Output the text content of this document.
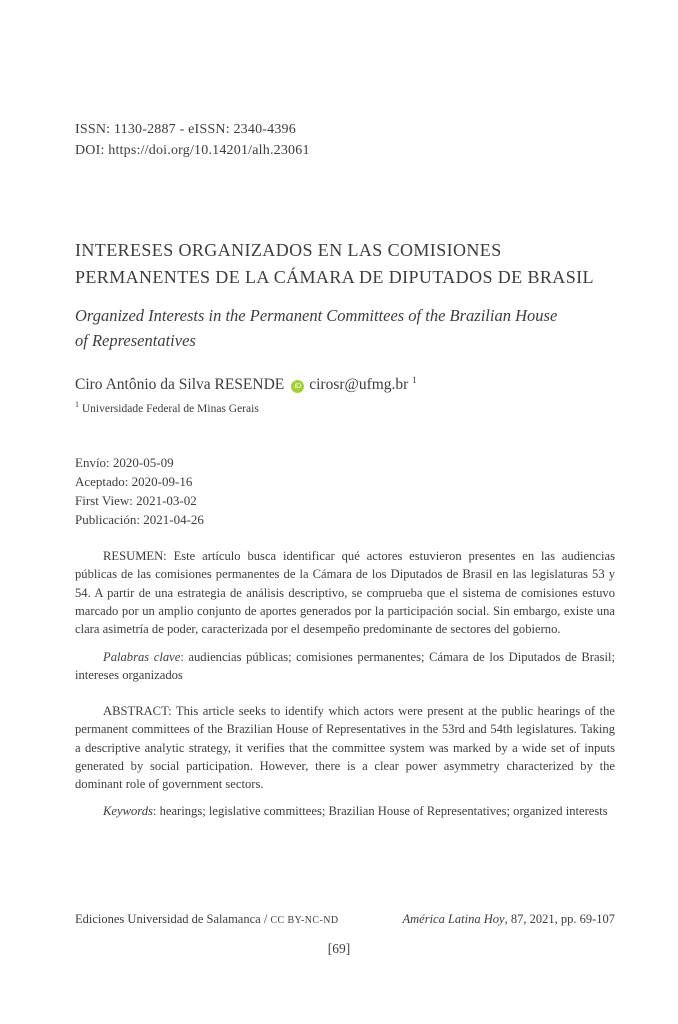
ISSN: 1130-2887 - eISSN: 2340-4396
DOI: https://doi.org/10.14201/alh.23061
INTERESES ORGANIZADOS EN LAS COMISIONES
PERMANENTES DE LA CÁMARA DE DIPUTADOS DE BRASIL
Organized Interests in the Permanent Committees of the Brazilian House
of Representatives
Ciro Antônio da Silva RESENDE iD cirosr@ufmg.br $^1$
$^1$ Universidade Federal de Minas Gerais
Envío: 2020-05-09
Aceptado: 2020-09-16
First View: 2021-03-02
Publicación: 2021-04-26

RESUMEN: Este artículo busca identificar qué actores estuvieron presentes en las audiencias públicas de las comisiones permanentes de la Cámara de los Diputados de Brasil en las legislaturas 53 y 54. A partir de una estrategia de análisis descriptivo, se comprueba que el sistema de comisiones estuvo marcado por un amplio conjunto de aportes generados por la participación social. Sin embargo, existe una clara asimetría de poder, caracterizada por el desempeño predominante de sectores del gobierno.

Palabras clave: audiencias públicas; comisiones permanentes; Cámara de los Diputados de Brasil; intereses organizados

ABSTRACT: This article seeks to identify which actors were present at the public hearings of the permanent committees of the Brazilian House of Representatives in the 53rd and 54th legislatures. Taking a descriptive analytic strategy, it verifies that the committee system was marked by a wide set of inputs generated by social participation. However, there is a clear power asymmetry characterized by the dominant role of government sectors.

Keywords: hearings; legislative committees; Brazilian House of Representatives; organized interests

Ediciones Universidad de Salamanca / CC BY-NC-ND	América Latina Hoy, 87, 2021, pp. 69-107
[69]
